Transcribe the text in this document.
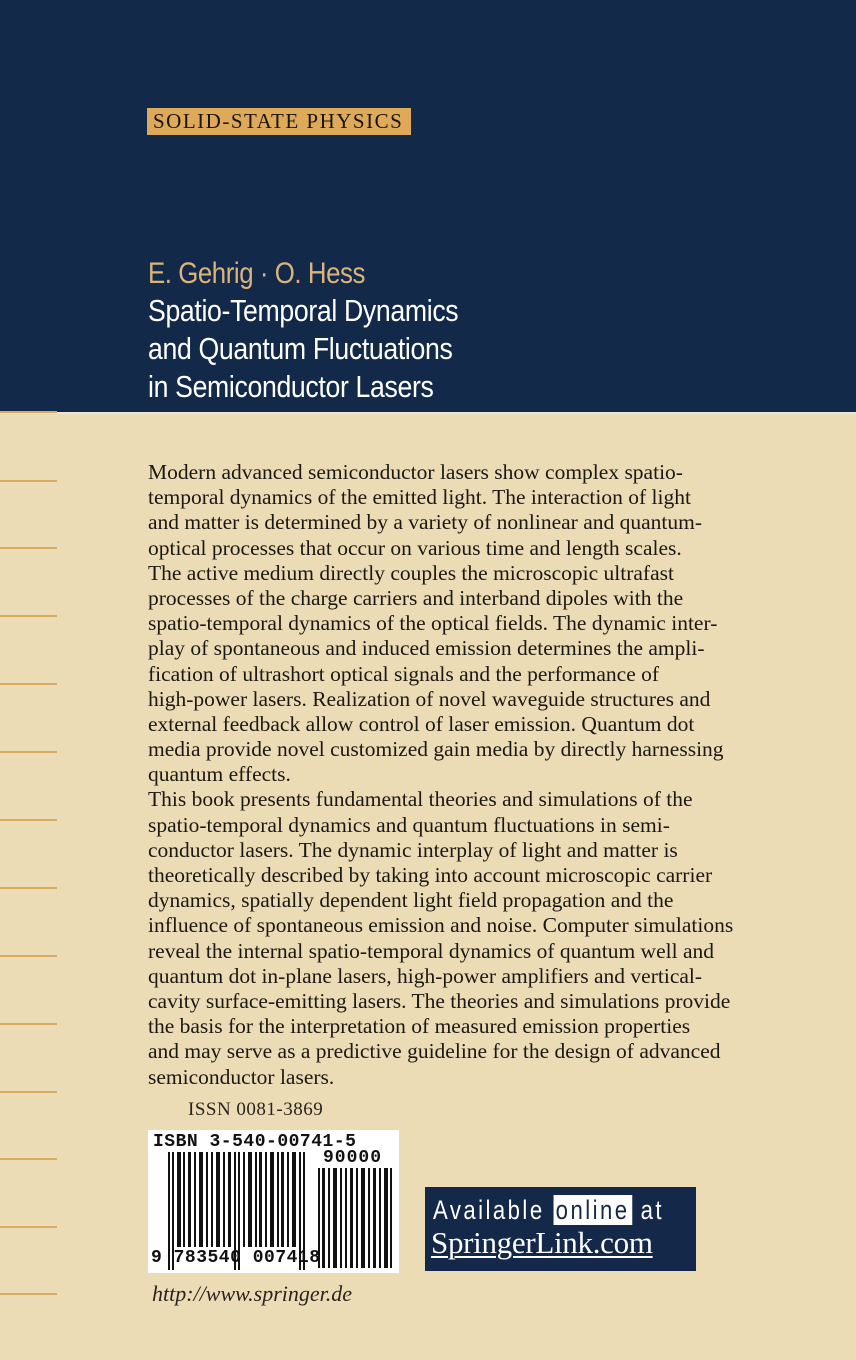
SOLID-STATE PHYSICS
E. Gehrig · O. Hess
Spatio-Temporal Dynamics
and Quantum Fluctuations
in Semiconductor Lasers
Modern advanced semiconductor lasers show complex spatio-
temporal dynamics of the emitted light. The interaction of light
and matter is determined by a variety of nonlinear and quantum-
optical processes that occur on various time and length scales.
The active medium directly couples the microscopic ultrafast
processes of the charge carriers and interband dipoles with the
spatio-temporal dynamics of the optical fields. The dynamic inter-
play of spontaneous and induced emission determines the ampli-
fication of ultrashort optical signals and the performance of
high-power lasers. Realization of novel waveguide structures and
external feedback allow control of laser emission. Quantum dot
media provide novel customized gain media by directly harnessing
quantum effects.
This book presents fundamental theories and simulations of the
spatio-temporal dynamics and quantum fluctuations in semi-
conductor lasers. The dynamic interplay of light and matter is
theoretically described by taking into account microscopic carrier
dynamics, spatially dependent light field propagation and the
influence of spontaneous emission and noise. Computer simulations
reveal the internal spatio-temporal dynamics of quantum well and
quantum dot in-plane lasers, high-power amplifiers and vertical-
cavity surface-emitting lasers. The theories and simulations provide
the basis for the interpretation of measured emission properties
and may serve as a predictive guideline for the design of advanced
semiconductor lasers.
ISSN 0081-3869
ISBN 3-540-00741-5
90000
9 783540 007418
http://www.springer.de
Available online at
SpringerLink.com
